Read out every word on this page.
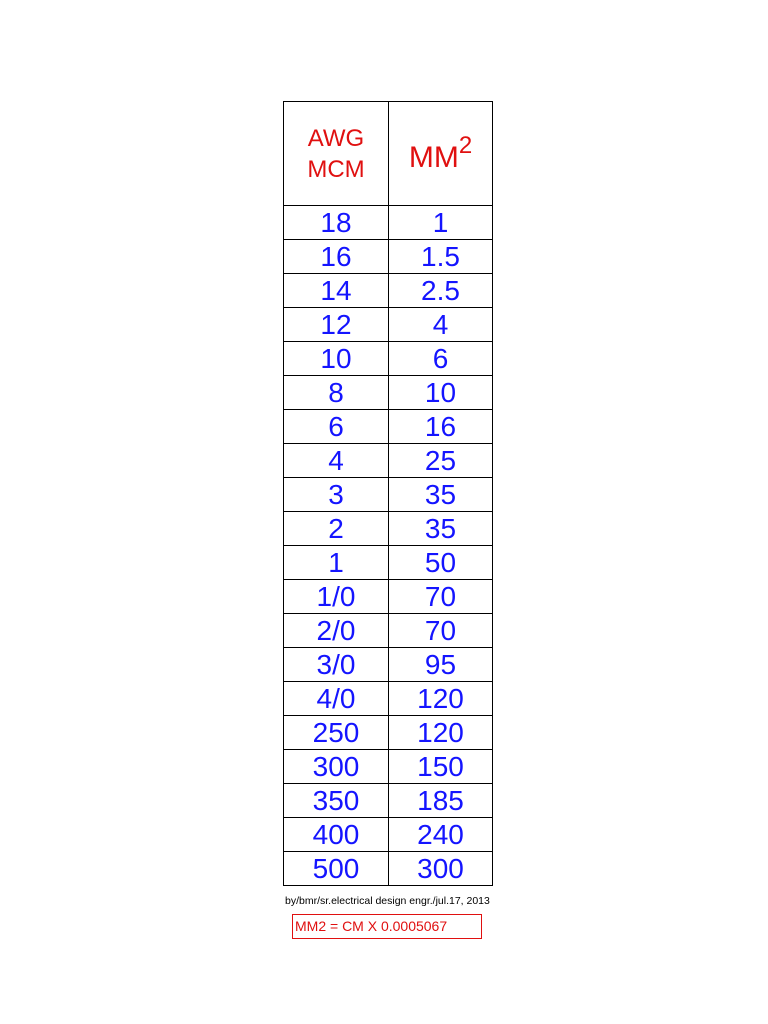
AWG
MCM	$MM^2$
18	1
16	1.5
14	2.5
12	4
10	6
8	10
6	16
4	25
3	35
2	35
1	50
1/0	70
2/0	70
3/0	95
4/0	120
250	120
300	150
350	185
400	240
500	300
by/bmr/sr.electrical design engr./jul.17, 2013
MM2 = CM X 0.0005067
